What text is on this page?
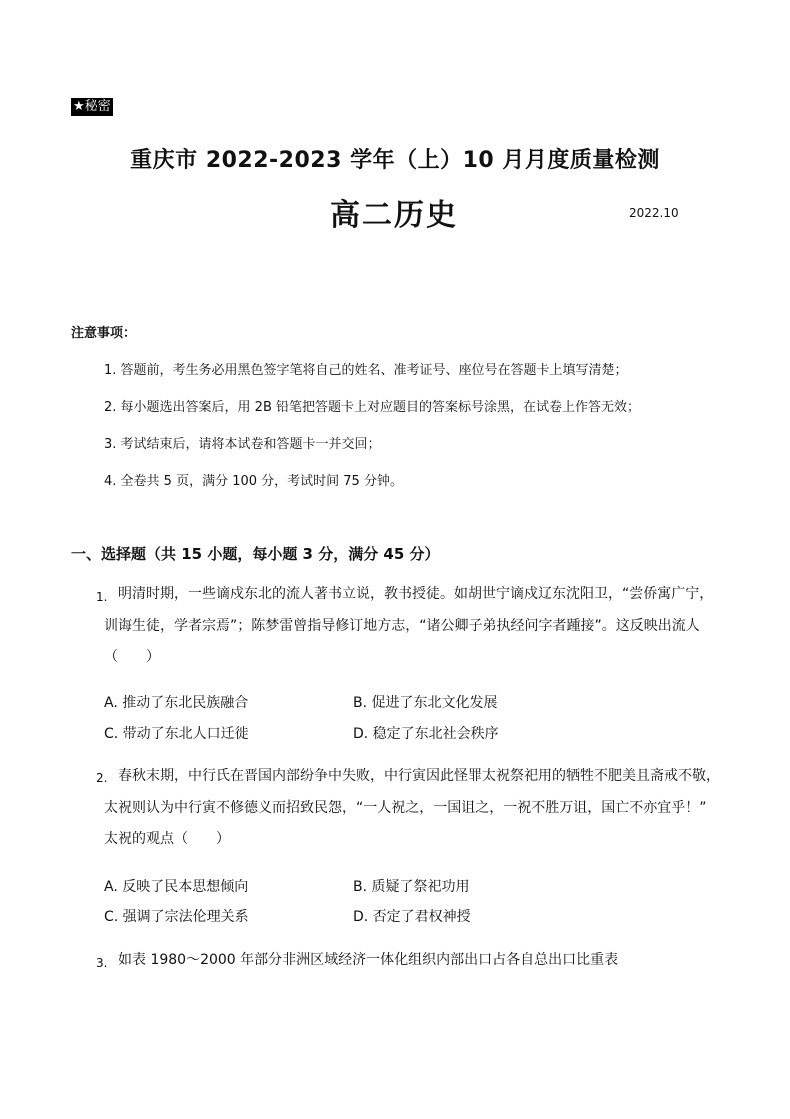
★秘密
重庆市 2022-2023 学年（上）10 月月度质量检测
高二历史	2022.10
注意事项：
1. 答题前，考生务必用黑色签字笔将自己的姓名、准考证号、座位号在答题卡上填写清楚；
2. 每小题选出答案后，用 2B 铅笔把答题卡上对应题目的答案标号涂黑，在试卷上作答无效；
3. 考试结束后，请将本试卷和答题卡一并交回；
4. 全卷共 5 页，满分 100 分，考试时间 75 分钟。
一、选择题（共 15 小题，每小题 3 分，满分 45 分）
1. 明清时期，一些谪戍东北的流人著书立说，教书授徒。如胡世宁谪戍辽东沈阳卫，“尝侨寓广宁，
训诲生徒，学者宗焉”；陈梦雷曾指导修订地方志，“诸公卿子弟执经问字者踵接”。这反映出流人
（　　）
A. 推动了东北民族融合	B. 促进了东北文化发展
C. 带动了东北人口迁徙	D. 稳定了东北社会秩序
2. 春秋末期，中行氏在晋国内部纷争中失败，中行寅因此怪罪太祝祭祀用的牺牲不肥美且斋戒不敬，
太祝则认为中行寅不修德义而招致民怨，“一人祝之，一国诅之，一祝不胜万诅，国亡不亦宜乎！”
太祝的观点（　　）
A. 反映了民本思想倾向	B. 质疑了祭祀功用
C. 强调了宗法伦理关系	D. 否定了君权神授
3. 如表 1980～2000 年部分非洲区域经济一体化组织内部出口占各自总出口比重表
